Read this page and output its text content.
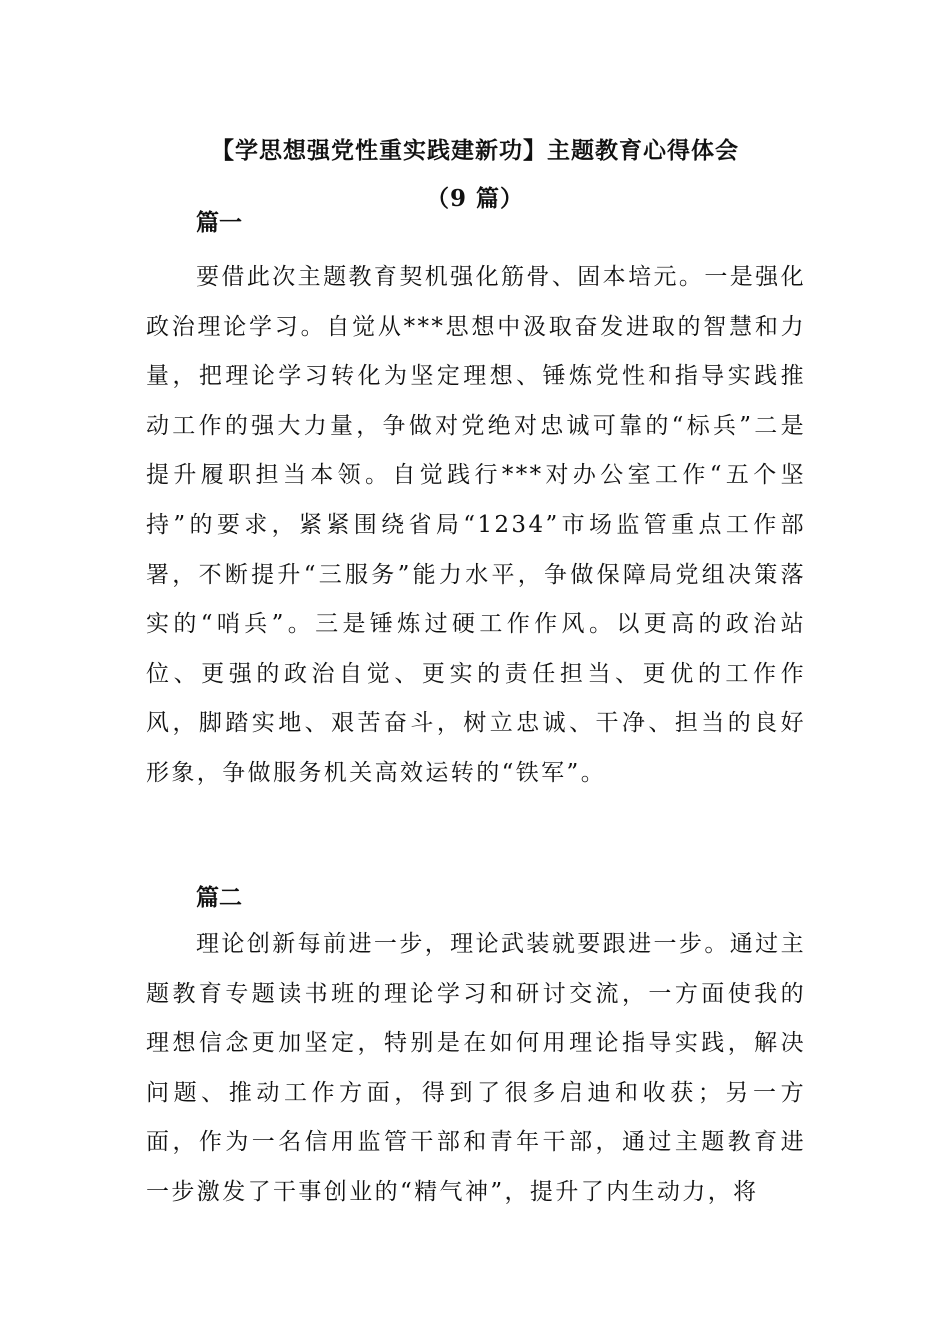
【学思想强党性重实践建新功】主题教育心得体会
（9 篇）
篇一

要借此次主题教育契机强化筋骨、固本培元。一是强化政治理论学习。自觉从***思想中汲取奋发进取的智慧和力量，把理论学习转化为坚定理想、锤炼党性和指导实践推动工作的强大力量，争做对党绝对忠诚可靠的“标兵”二是提升履职担当本领。自觉践行***对办公室工作“五个坚持”的要求，紧紧围绕省局“1234”市场监管重点工作部署，不断提升“三服务”能力水平，争做保障局党组决策落实的“哨兵”。三是锤炼过硬工作作风。以更高的政治站位、更强的政治自觉、更实的责任担当、更优的工作作风，脚踏实地、艰苦奋斗，树立忠诚、干净、担当的良好形象，争做服务机关高效运转的“铁军”。

篇二

理论创新每前进一步，理论武装就要跟进一步。通过主题教育专题读书班的理论学习和研讨交流，一方面使我的理想信念更加坚定，特别是在如何用理论指导实践，解决问题、推动工作方面，得到了很多启迪和收获；另一方面，作为一名信用监管干部和青年干部，通过主题教育进一步激发了干事创业的“精气神”，提升了内生动力，将
